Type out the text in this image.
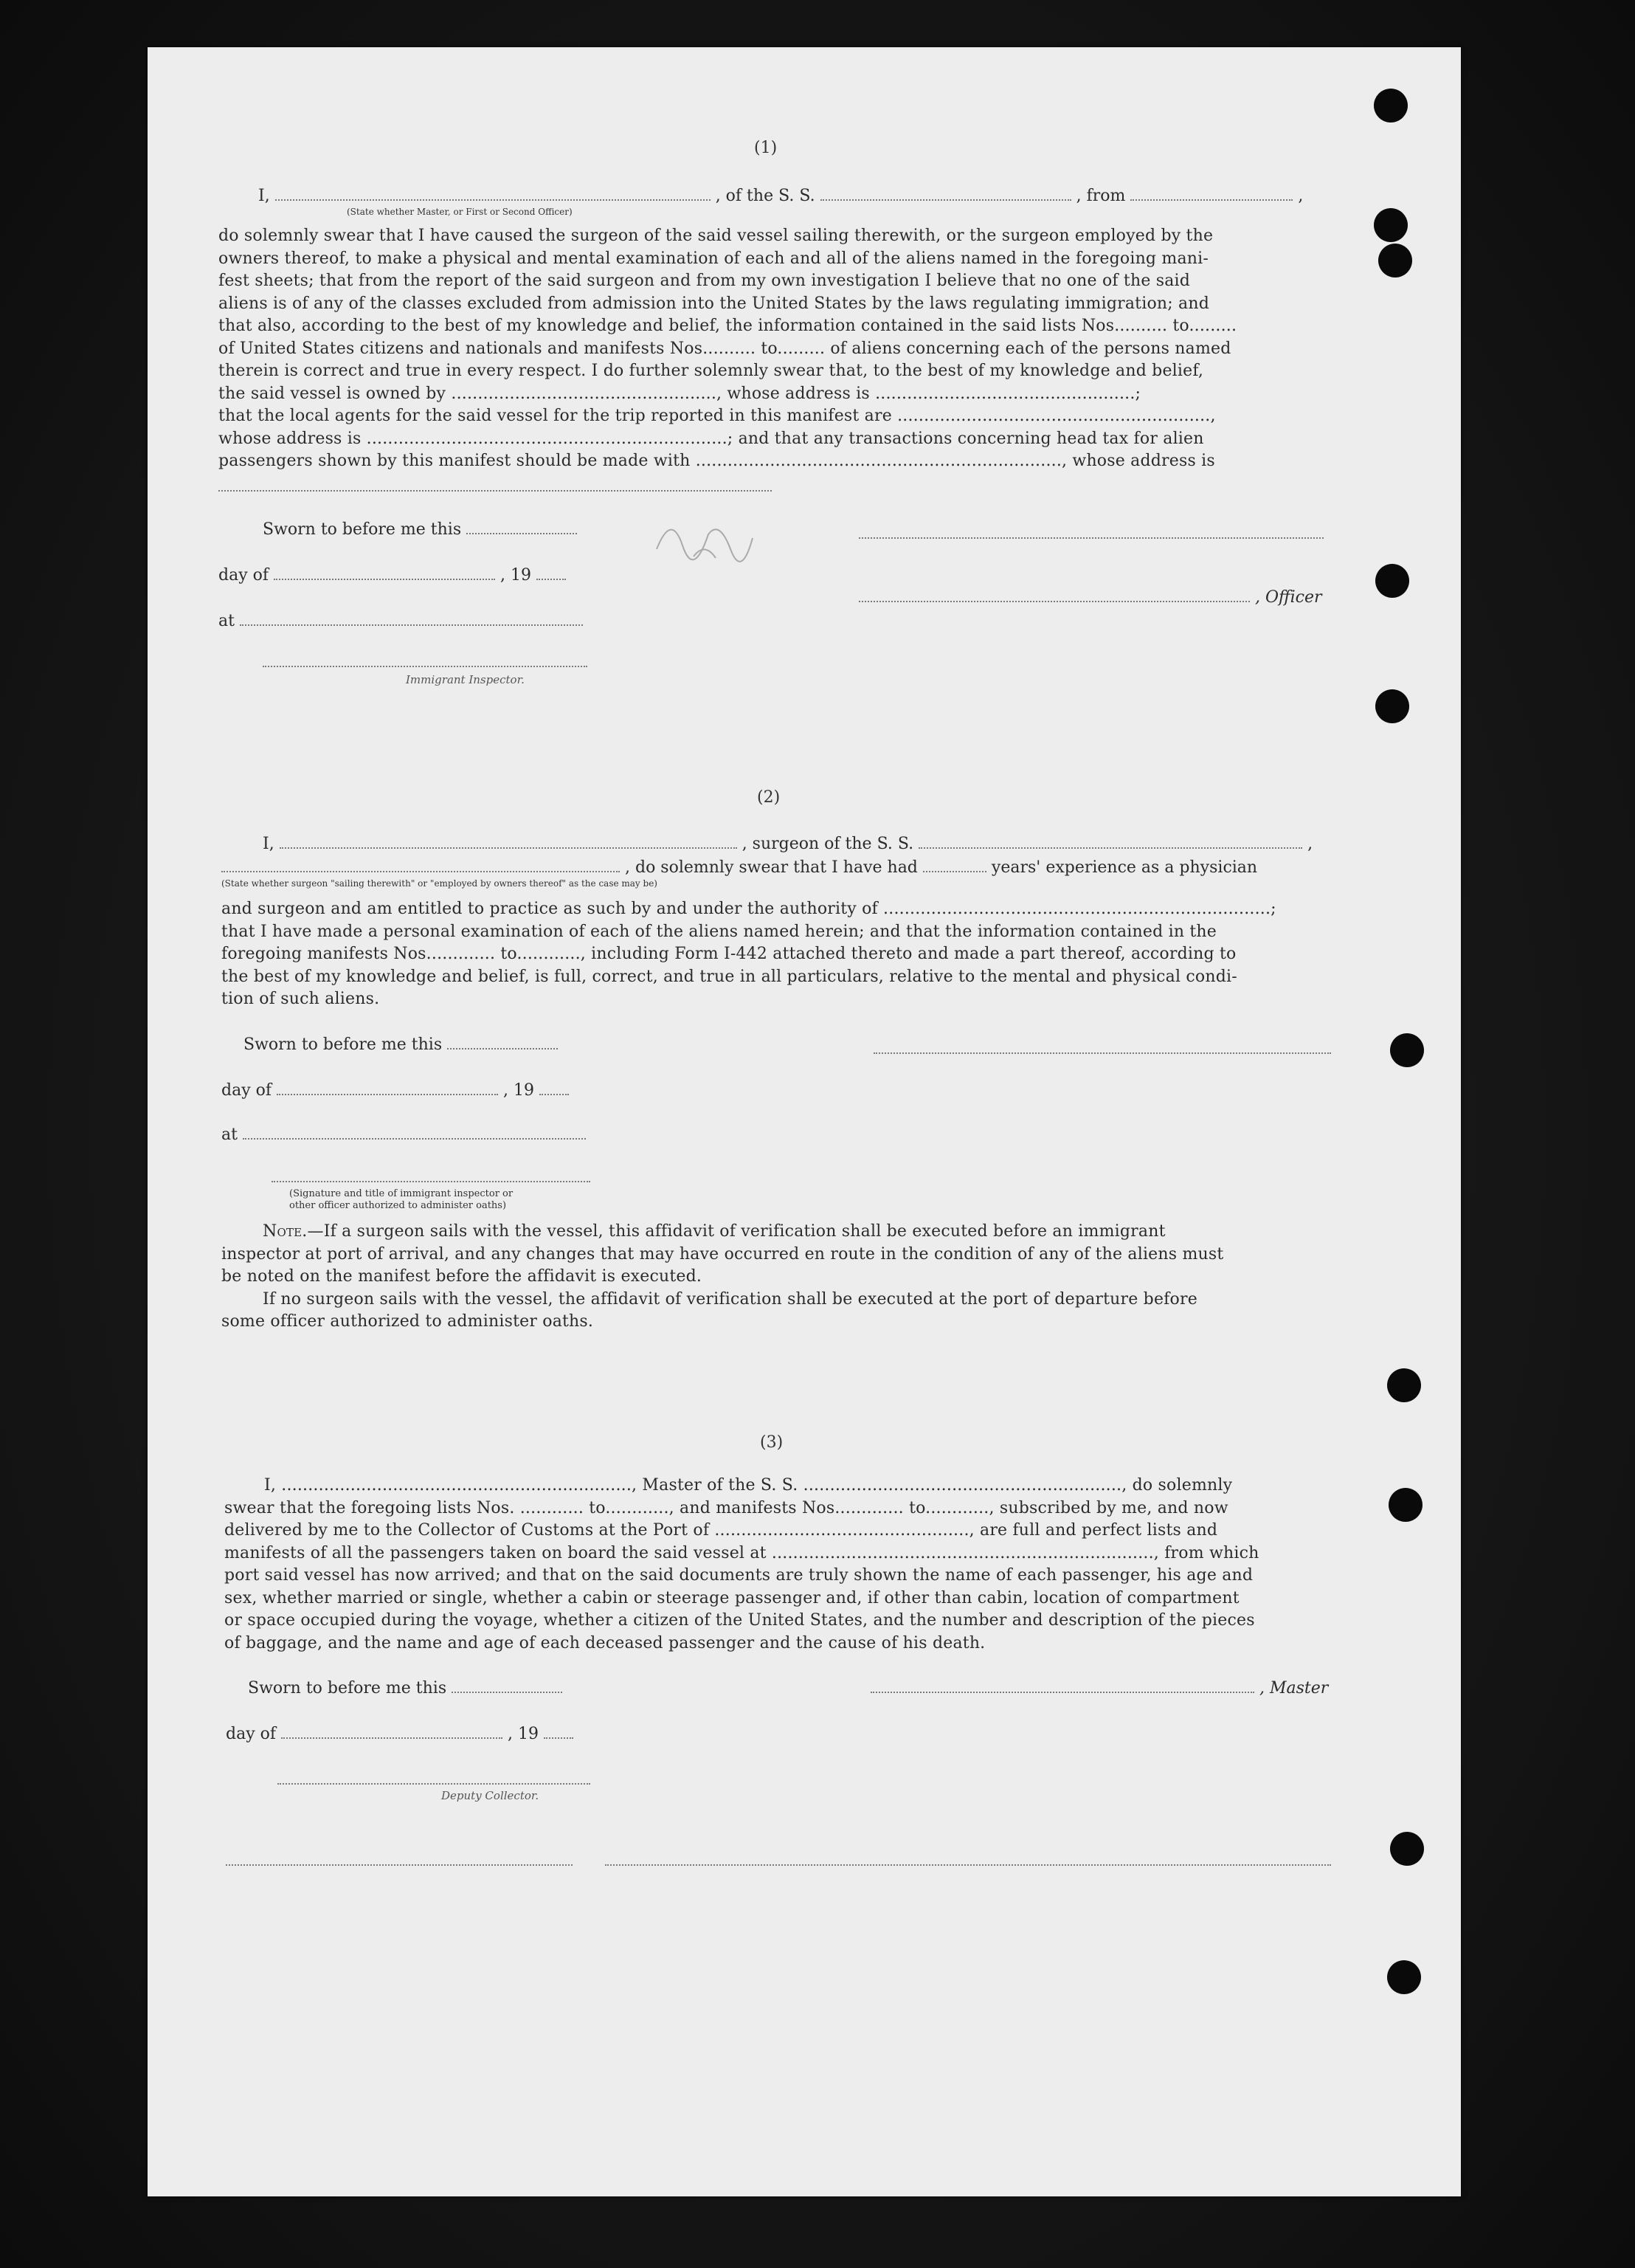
(1)
I,	, of the S. S.	, from	,
(State whether Master, or First or Second Officer)
do solemnly swear that I have caused the surgeon of the said vessel sailing therewith, or the surgeon employed by the
owners thereof, to make a physical and mental examination of each and all of the aliens named in the foregoing mani-
fest sheets; that from the report of the said surgeon and from my own investigation I believe that no one of the said
aliens is of any of the classes excluded from admission into the United States by the laws regulating immigration; and
that also, according to the best of my knowledge and belief, the information contained in the said lists Nos.......... to.........
of United States citizens and nationals and manifests Nos.......... to......... of aliens concerning each of the persons named
therein is correct and true in every respect. I do further solemnly swear that, to the best of my knowledge and belief,
the said vessel is owned by .................................................., whose address is .................................................;
that the local agents for the said vessel for the trip reported in this manifest are ...........................................................,
whose address is ....................................................................; and that any transactions concerning head tax for alien
passengers shown by this manifest should be made with ....................................................................., whose address is
Sworn to before me this
day of	, 19
, Officer
at
Immigrant Inspector.
(2)
I,	, surgeon of the S. S.	,
, do solemnly swear that I have had	years' experience as a physician
(State whether surgeon "sailing therewith" or "employed by owners thereof" as the case may be)
and surgeon and am entitled to practice as such by and under the authority of .........................................................................;
that I have made a personal examination of each of the aliens named herein; and that the information contained in the
foregoing manifests Nos............. to............, including Form I-442 attached thereto and made a part thereof, according to
the best of my knowledge and belief, is full, correct, and true in all particulars, relative to the mental and physical condi-
tion of such aliens.
Sworn to before me this
day of	, 19
at
(Signature and title of immigrant inspector or
other officer authorized to administer oaths)
Note.—If a surgeon sails with the vessel, this affidavit of verification shall be executed before an immigrant
inspector at port of arrival, and any changes that may have occurred en route in the condition of any of the aliens must
be noted on the manifest before the affidavit is executed.
If no surgeon sails with the vessel, the affidavit of verification shall be executed at the port of departure before
some officer authorized to administer oaths.
(3)
I, .................................................................., Master of the S. S. ............................................................, do solemnly
swear that the foregoing lists Nos. ............ to............, and manifests Nos............. to............, subscribed by me, and now
delivered by me to the Collector of Customs at the Port of ................................................, are full and perfect lists and
manifests of all the passengers taken on board the said vessel at ........................................................................, from which
port said vessel has now arrived; and that on the said documents are truly shown the name of each passenger, his age and
sex, whether married or single, whether a cabin or steerage passenger and, if other than cabin, location of compartment
or space occupied during the voyage, whether a citizen of the United States, and the number and description of the pieces
of baggage, and the name and age of each deceased passenger and the cause of his death.
Sworn to before me this	, Master
day of	, 19
Deputy Collector.
